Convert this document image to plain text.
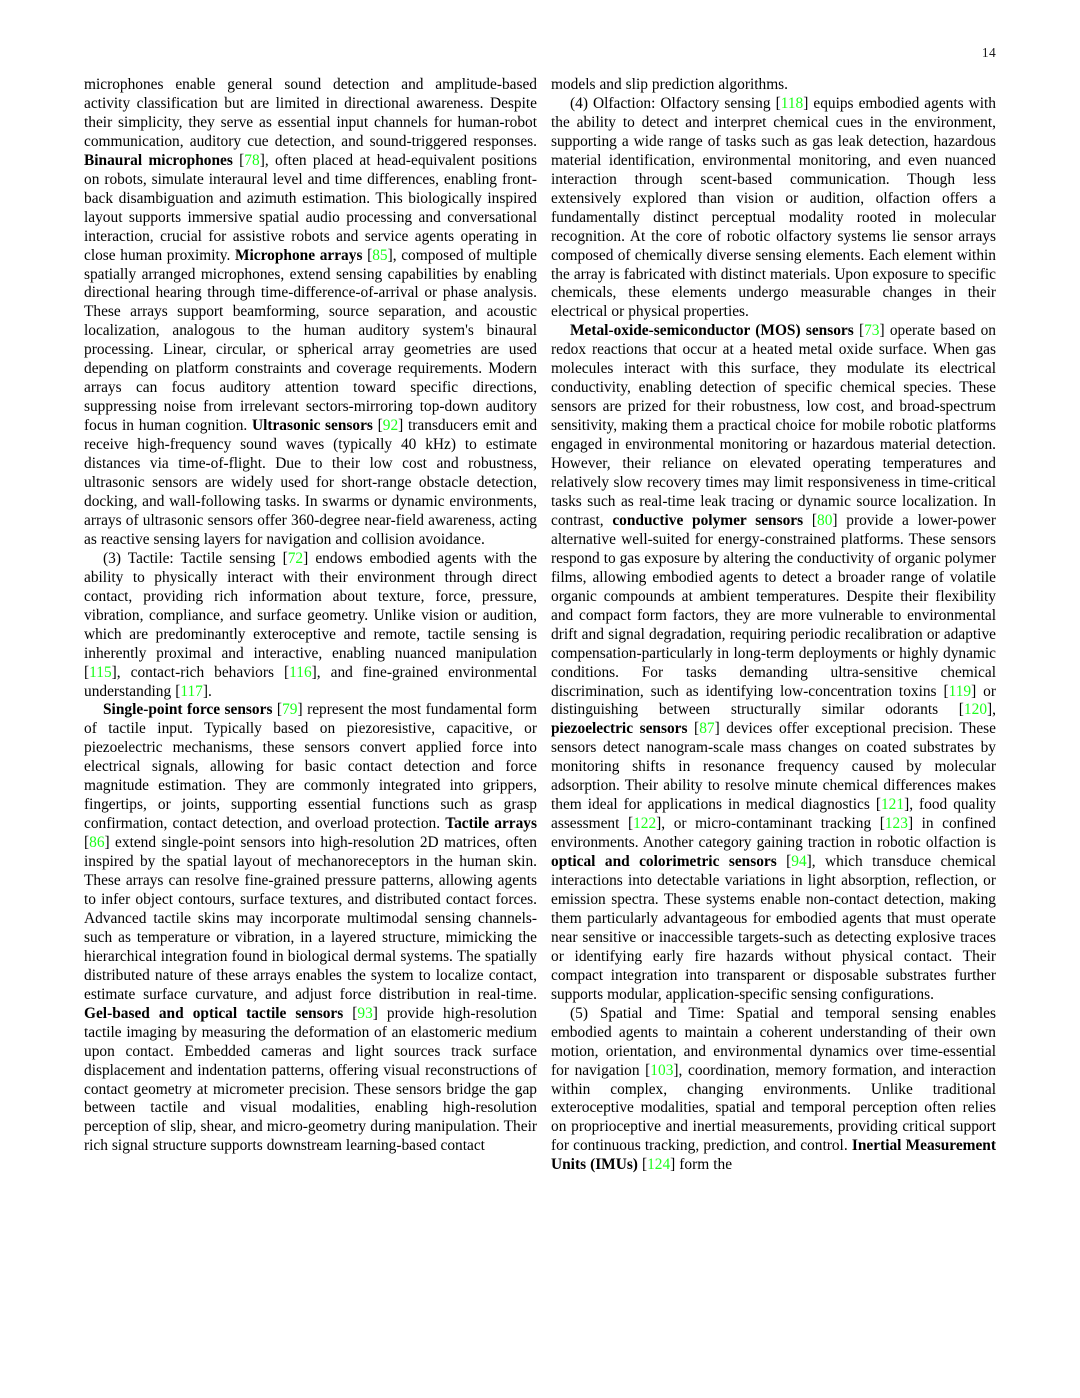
14

microphones enable general sound detection and amplitude-based activity classification but are limited in directional awareness. Despite their simplicity, they serve as essential input channels for human-robot communication, auditory cue detection, and sound-triggered responses. Binaural microphones [78], often placed at head-equivalent positions on robots, simulate interaural level and time differences, enabling front-back disambiguation and azimuth estimation. This biologically inspired layout supports immersive spatial audio processing and conversational interaction, crucial for assistive robots and service agents operating in close human proximity. Microphone arrays [85], composed of multiple spatially arranged microphones, extend sensing capabilities by enabling directional hearing through time-difference-of-arrival or phase analysis. These arrays support beamforming, source separation, and acoustic localization, analogous to the human auditory system's binaural processing. Linear, circular, or spherical array geometries are used depending on platform constraints and coverage requirements. Modern arrays can focus auditory attention toward specific directions, suppressing noise from irrelevant sectors-mirroring top-down auditory focus in human cognition. Ultrasonic sensors [92] transducers emit and receive high-frequency sound waves (typically 40 kHz) to estimate distances via time-of-flight. Due to their low cost and robustness, ultrasonic sensors are widely used for short-range obstacle detection, docking, and wall-following tasks. In swarms or dynamic environments, arrays of ultrasonic sensors offer 360-degree near-field awareness, acting as reactive sensing layers for navigation and collision avoidance.

(3) Tactile: Tactile sensing [72] endows embodied agents with the ability to physically interact with their environment through direct contact, providing rich information about texture, force, pressure, vibration, compliance, and surface geometry. Unlike vision or audition, which are predominantly exteroceptive and remote, tactile sensing is inherently proximal and interactive, enabling nuanced manipulation [115], contact-rich behaviors [116], and fine-grained environmental understanding [117].

Single-point force sensors [79] represent the most fundamental form of tactile input. Typically based on piezoresistive, capacitive, or piezoelectric mechanisms, these sensors convert applied force into electrical signals, allowing for basic contact detection and force magnitude estimation. They are commonly integrated into grippers, fingertips, or joints, supporting essential functions such as grasp confirmation, contact detection, and overload protection. Tactile arrays [86] extend single-point sensors into high-resolution 2D matrices, often inspired by the spatial layout of mechanoreceptors in the human skin. These arrays can resolve fine-grained pressure patterns, allowing agents to infer object contours, surface textures, and distributed contact forces. Advanced tactile skins may incorporate multimodal sensing channels-such as temperature or vibration, in a layered structure, mimicking the hierarchical integration found in biological dermal systems. The spatially distributed nature of these arrays enables the system to localize contact, estimate surface curvature, and adjust force distribution in real-time. Gel-based and optical tactile sensors [93] provide high-resolution tactile imaging by measuring the deformation of an elastomeric medium upon contact. Embedded cameras and light sources track surface displacement and indentation patterns, offering visual reconstructions of contact geometry at micrometer precision. These sensors bridge the gap between tactile and visual modalities, enabling high-resolution perception of slip, shear, and micro-geometry during manipulation. Their rich signal structure supports downstream learning-based contact

models and slip prediction algorithms.

(4) Olfaction: Olfactory sensing [118] equips embodied agents with the ability to detect and interpret chemical cues in the environment, supporting a wide range of tasks such as gas leak detection, hazardous material identification, environmental monitoring, and even nuanced interaction through scent-based communication. Though less extensively explored than vision or audition, olfaction offers a fundamentally distinct perceptual modality rooted in molecular recognition. At the core of robotic olfactory systems lie sensor arrays composed of chemically diverse sensing elements. Each element within the array is fabricated with distinct materials. Upon exposure to specific chemicals, these elements undergo measurable changes in their electrical or physical properties.

Metal-oxide-semiconductor (MOS) sensors [73] operate based on redox reactions that occur at a heated metal oxide surface. When gas molecules interact with this surface, they modulate its electrical conductivity, enabling detection of specific chemical species. These sensors are prized for their robustness, low cost, and broad-spectrum sensitivity, making them a practical choice for mobile robotic platforms engaged in environmental monitoring or hazardous material detection. However, their reliance on elevated operating temperatures and relatively slow recovery times may limit responsiveness in time-critical tasks such as real-time leak tracing or dynamic source localization. In contrast, conductive polymer sensors [80] provide a lower-power alternative well-suited for energy-constrained platforms. These sensors respond to gas exposure by altering the conductivity of organic polymer films, allowing embodied agents to detect a broader range of volatile organic compounds at ambient temperatures. Despite their flexibility and compact form factors, they are more vulnerable to environmental drift and signal degradation, requiring periodic recalibration or adaptive compensation-particularly in long-term deployments or highly dynamic conditions. For tasks demanding ultra-sensitive chemical discrimination, such as identifying low-concentration toxins [119] or distinguishing between structurally similar odorants [120], piezoelectric sensors [87] devices offer exceptional precision. These sensors detect nanogram-scale mass changes on coated substrates by monitoring shifts in resonance frequency caused by molecular adsorption. Their ability to resolve minute chemical differences makes them ideal for applications in medical diagnostics [121], food quality assessment [122], or micro-contaminant tracking [123] in confined environments. Another category gaining traction in robotic olfaction is optical and colorimetric sensors [94], which transduce chemical interactions into detectable variations in light absorption, reflection, or emission spectra. These systems enable non-contact detection, making them particularly advantageous for embodied agents that must operate near sensitive or inaccessible targets-such as detecting explosive traces or identifying early fire hazards without physical contact. Their compact integration into transparent or disposable substrates further supports modular, application-specific sensing configurations.

(5) Spatial and Time: Spatial and temporal sensing enables embodied agents to maintain a coherent understanding of their own motion, orientation, and environmental dynamics over time-essential for navigation [103], coordination, memory formation, and interaction within complex, changing environments. Unlike traditional exteroceptive modalities, spatial and temporal perception often relies on proprioceptive and inertial measurements, providing critical support for continuous tracking, prediction, and control. Inertial Measurement Units (IMUs) [124] form the
